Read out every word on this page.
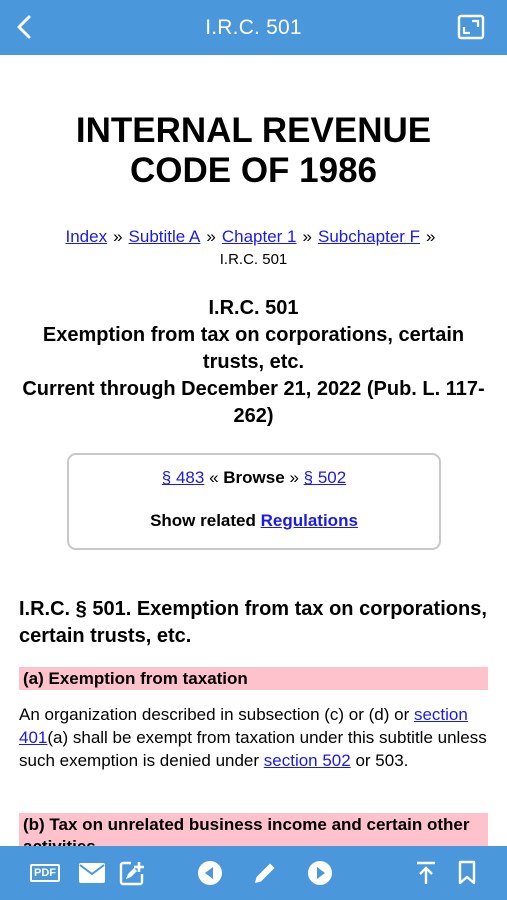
I.R.C. 501
INTERNAL REVENUE
CODE OF 1986
Index » Subtitle A » Chapter 1 » Subchapter F »
I.R.C. 501
I.R.C. 501
Exemption from tax on corporations, certain trusts, etc.
Current through December 21, 2022 (Pub. L. 117-262)
§ 483 « Browse » § 502
Show related Regulations
I.R.C. § 501. Exemption from tax on corporations, certain trusts, etc.
(a) Exemption from taxation
An organization described in subsection (c) or (d) or section 401(a) shall be exempt from taxation under this subtitle unless such exemption is denied under section 502 or 503.
(b) Tax on unrelated business income and certain other
PDF
